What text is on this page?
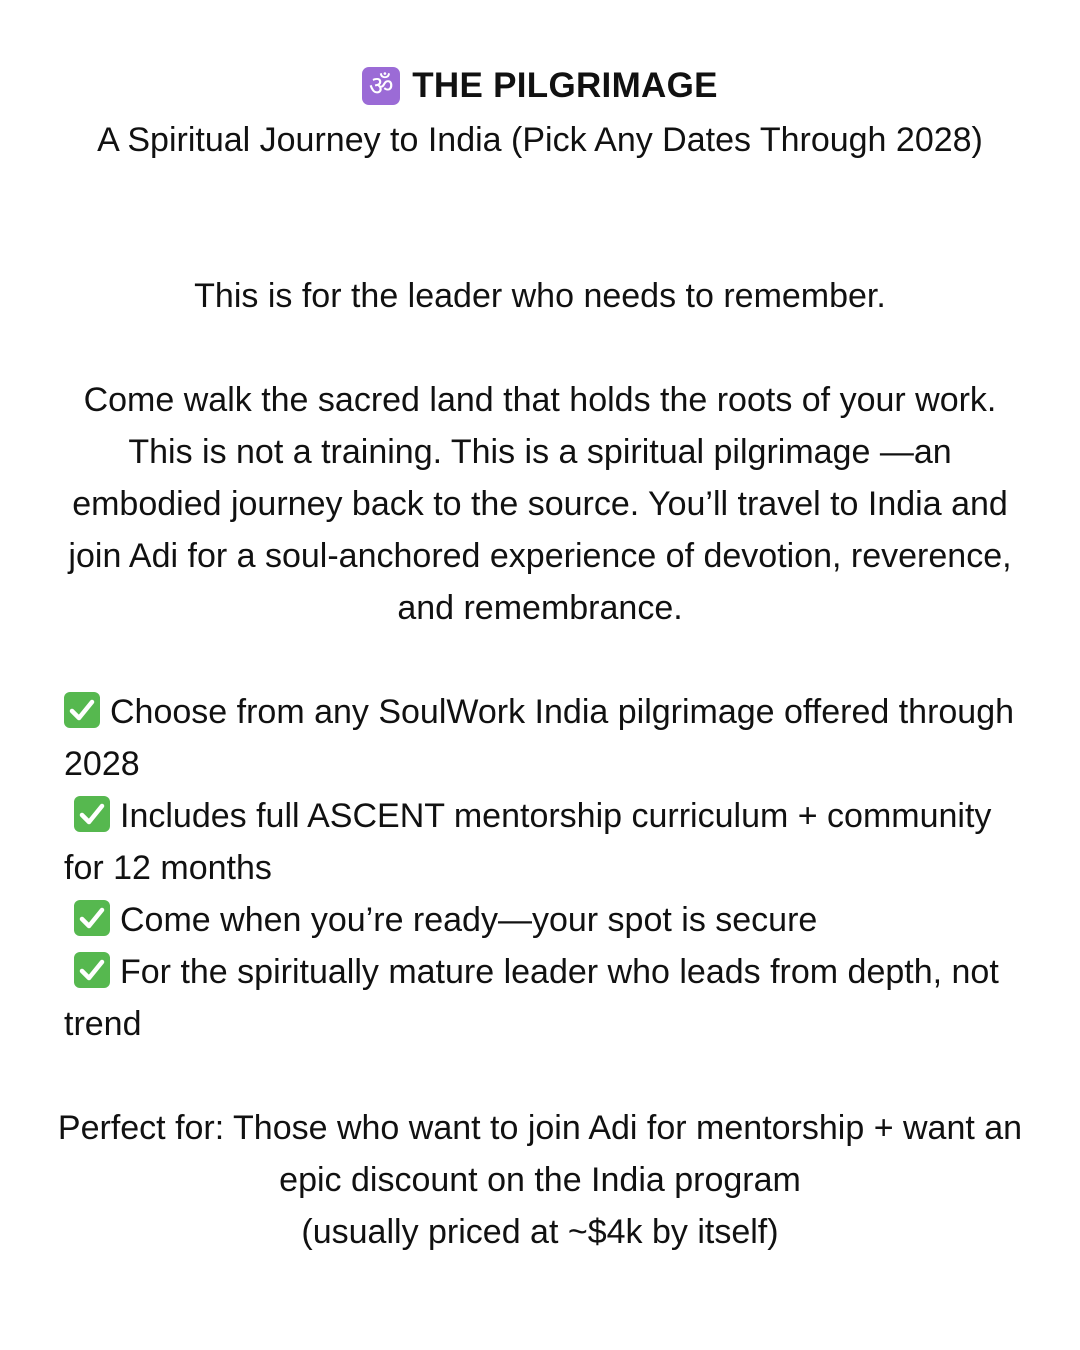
ॐ THE PILGRIMAGE
A Spiritual Journey to India (Pick Any Dates Through 2028)
This is for the leader who needs to remember.
Come walk the sacred land that holds the roots of your work. This is not a training. This is a spiritual pilgrimage —an embodied journey back to the source. You’ll travel to India and join Adi for a soul-anchored experience of devotion, reverence, and remembrance.
Choose from any SoulWork India pilgrimage offered through 2028
Includes full ASCENT mentorship curriculum + community for 12 months
Come when you’re ready—your spot is secure
For the spiritually mature leader who leads from depth, not trend
Perfect for: Those who want to join Adi for mentorship + want an epic discount on the India program
(usually priced at ~$4k by itself)
